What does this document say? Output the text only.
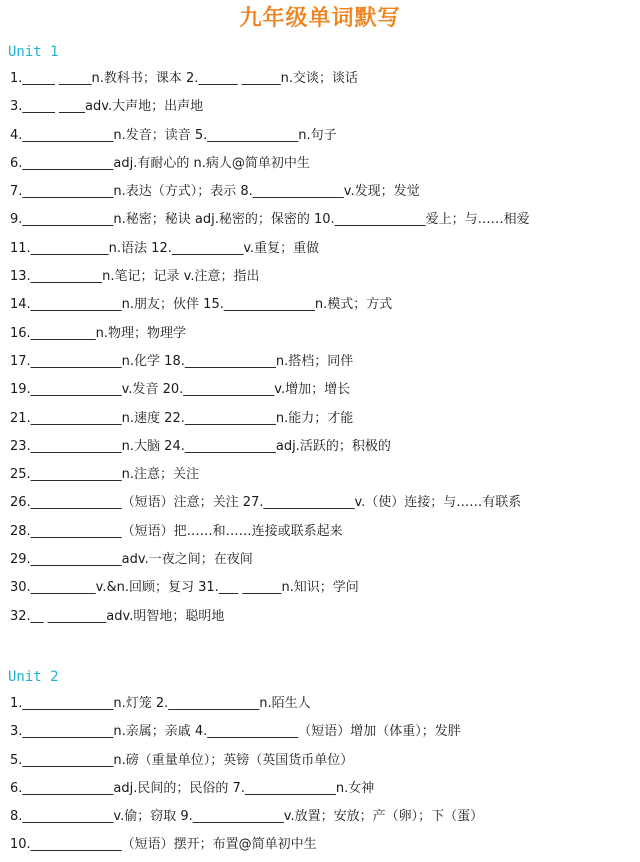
九年级单词默写
Unit 1
1._____ _____n.教科书；课本 2.______ ______n.交谈；谈话
3._____ ____adv.大声地；出声地
4.______________n.发音；读音 5.______________n.句子
6.______________adj.有耐心的 n.病人@简单初中生
7.______________n.表达（方式）；表示 8.______________v.发现；发觉
9.______________n.秘密；秘诀 adj.秘密的；保密的 10.______________爱上；与……相爱
11.____________n.语法 12.___________v.重复；重做
13.___________n.笔记；记录 v.注意；指出
14.______________n.朋友；伙伴 15.______________n.模式；方式
16.__________n.物理；物理学
17.______________n.化学 18.______________n.搭档；同伴
19.______________v.发音 20.______________v.增加；增长
21.______________n.速度 22.______________n.能力；才能
23.______________n.大脑 24.______________adj.活跃的；积极的
25.______________n.注意；关注
26.______________（短语）注意；关注 27.______________v.（使）连接；与……有联系
28.______________（短语）把……和……连接或联系起来
29.______________adv.一夜之间；在夜间
30.__________v.&n.回顾；复习 31.___ ______n.知识；学问
32.__ _________adv.明智地；聪明地
Unit 2
1.______________n.灯笼 2.______________n.陌生人
3.______________n.亲属；亲戚 4.______________（短语）增加（体重）；发胖
5.______________n.磅（重量单位）；英镑（英国货币单位）
6.______________adj.民间的；民俗的 7.______________n.女神
8.______________v.偷；窃取 9.______________v.放置；安放；产（卵）；下（蛋）
10.______________（短语）摆开；布置@简单初中生
